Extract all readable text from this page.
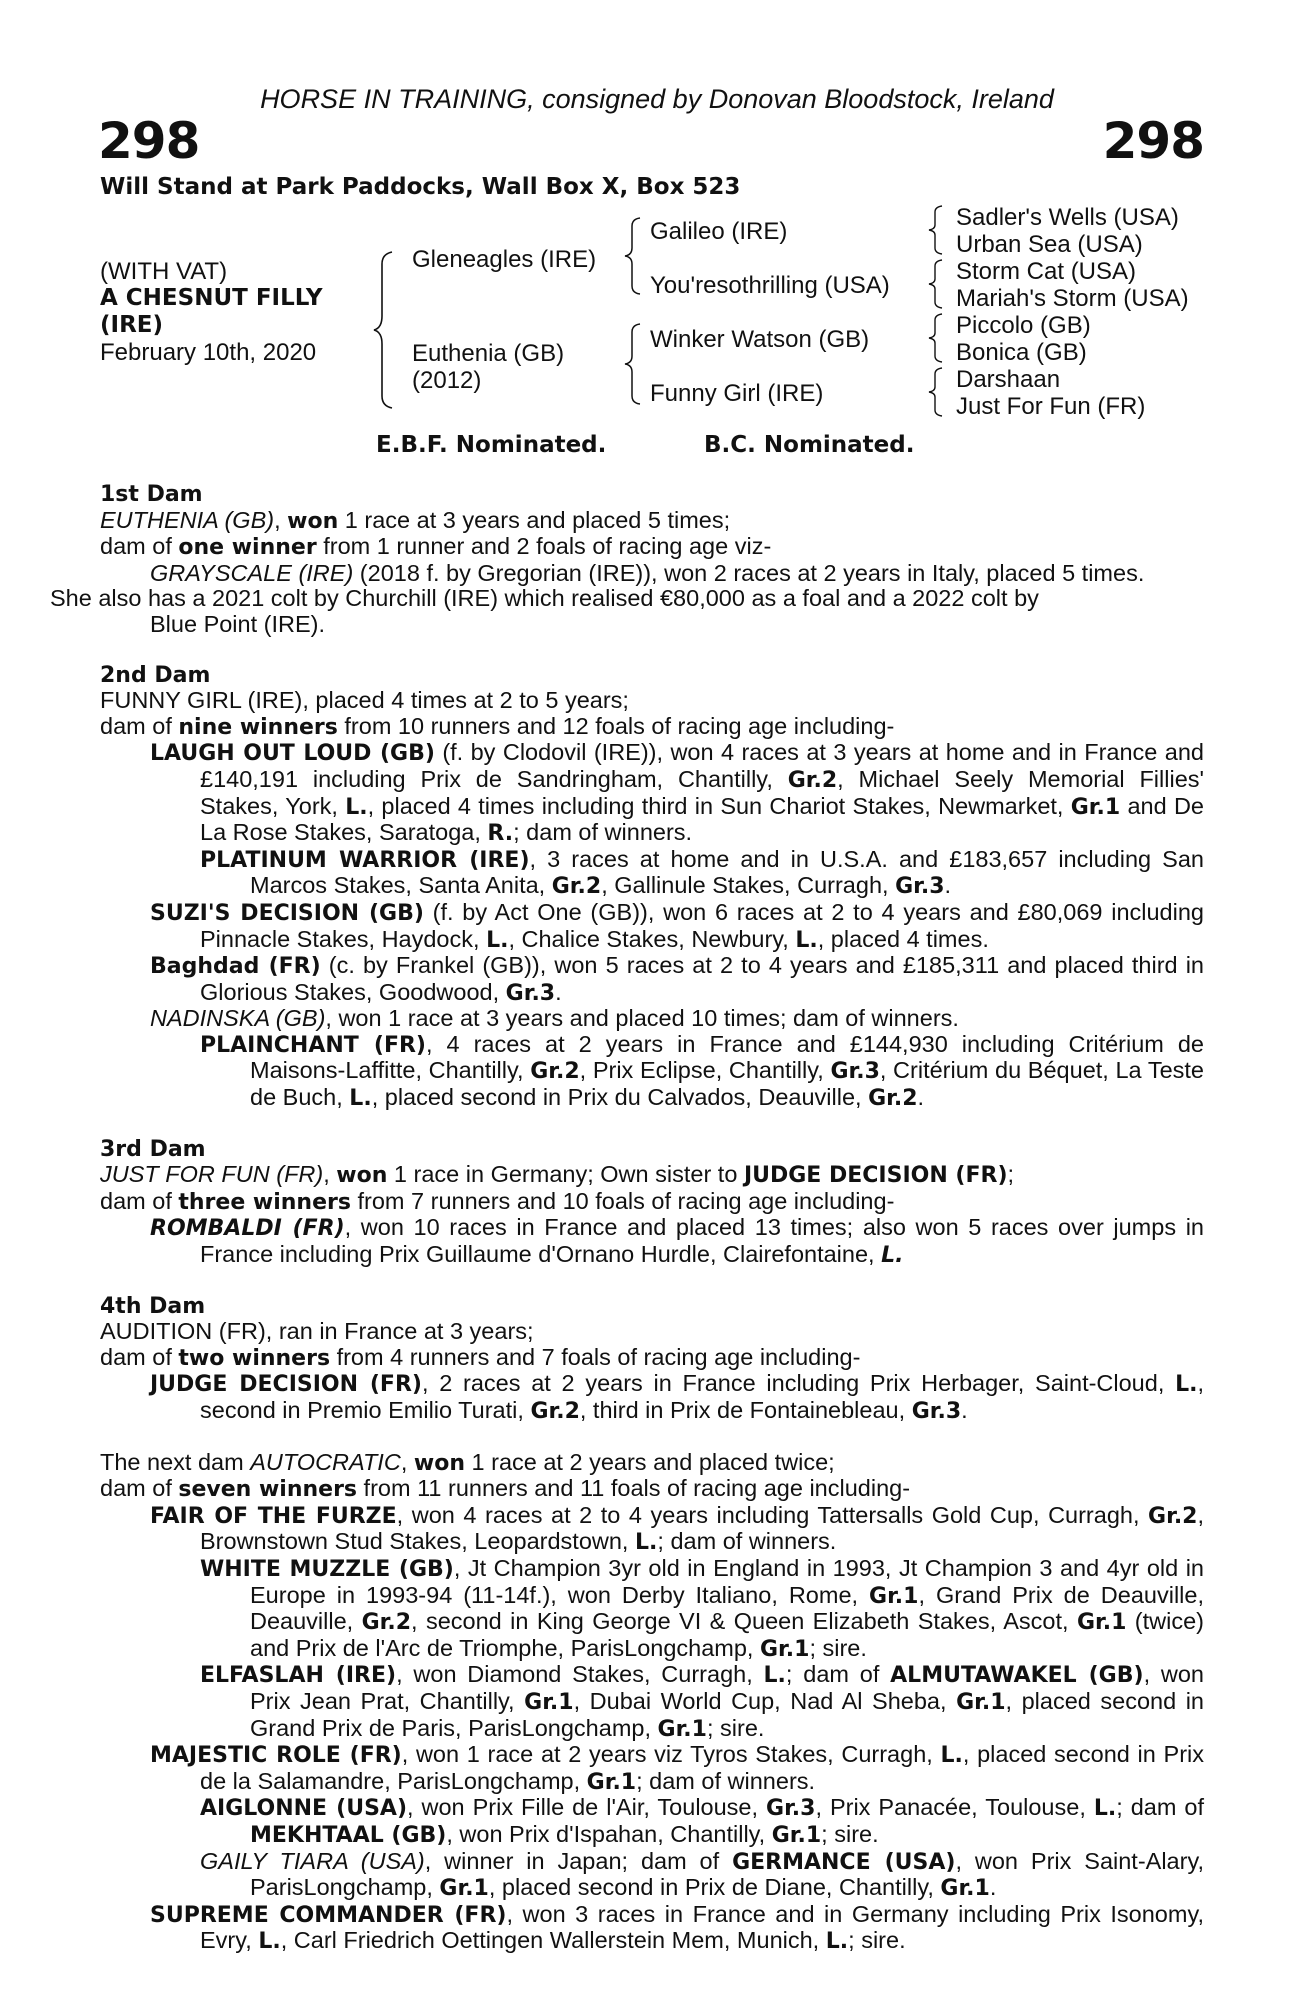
HORSE IN TRAINING, consigned by Donovan Bloodstock, Ireland
298	298
Will Stand at Park Paddocks, Wall Box X, Box 523
(WITH VAT)
A CHESNUT FILLY
(IRE)
February 10th, 2020
Gleneagles (IRE)
Euthenia (GB)
(2012)
Galileo (IRE)
You'resothrilling (USA)
Winker Watson (GB)
Funny Girl (IRE)
Sadler's Wells (USA)
Urban Sea (USA)
Storm Cat (USA)
Mariah's Storm (USA)
Piccolo (GB)
Bonica (GB)
Darshaan
Just For Fun (FR)
E.B.F. Nominated.	B.C. Nominated.
1st Dam
EUTHENIA (GB), won 1 race at 3 years and placed 5 times;
dam of one winner from 1 runner and 2 foals of racing age viz-
GRAYSCALE (IRE) (2018 f. by Gregorian (IRE)), won 2 races at 2 years in Italy, placed 5 times.
She also has a 2021 colt by Churchill (IRE) which realised €80,000 as a foal and a 2022 colt by
Blue Point (IRE).
2nd Dam
FUNNY GIRL (IRE), placed 4 times at 2 to 5 years;
dam of nine winners from 10 runners and 12 foals of racing age including-
LAUGH OUT LOUD (GB) (f. by Clodovil (IRE)), won 4 races at 3 years at home and in France and £140,191 including Prix de Sandringham, Chantilly, Gr.2, Michael Seely Memorial Fillies' Stakes, York, L., placed 4 times including third in Sun Chariot Stakes, Newmarket, Gr.1 and De La Rose Stakes, Saratoga, R.; dam of winners.
PLATINUM WARRIOR (IRE), 3 races at home and in U.S.A. and £183,657 including San Marcos Stakes, Santa Anita, Gr.2, Gallinule Stakes, Curragh, Gr.3.
SUZI'S DECISION (GB) (f. by Act One (GB)), won 6 races at 2 to 4 years and £80,069 including Pinnacle Stakes, Haydock, L., Chalice Stakes, Newbury, L., placed 4 times.
Baghdad (FR) (c. by Frankel (GB)), won 5 races at 2 to 4 years and £185,311 and placed third in Glorious Stakes, Goodwood, Gr.3.
NADINSKA (GB), won 1 race at 3 years and placed 10 times; dam of winners.
PLAINCHANT (FR), 4 races at 2 years in France and £144,930 including Critérium de Maisons-Laffitte, Chantilly, Gr.2, Prix Eclipse, Chantilly, Gr.3, Critérium du Béquet, La Teste de Buch, L., placed second in Prix du Calvados, Deauville, Gr.2.
3rd Dam
JUST FOR FUN (FR), won 1 race in Germany; Own sister to JUDGE DECISION (FR);
dam of three winners from 7 runners and 10 foals of racing age including-
ROMBALDI (FR), won 10 races in France and placed 13 times; also won 5 races over jumps in France including Prix Guillaume d'Ornano Hurdle, Clairefontaine, L.
4th Dam
AUDITION (FR), ran in France at 3 years;
dam of two winners from 4 runners and 7 foals of racing age including-
JUDGE DECISION (FR), 2 races at 2 years in France including Prix Herbager, Saint-Cloud, L., second in Premio Emilio Turati, Gr.2, third in Prix de Fontainebleau, Gr.3.
The next dam AUTOCRATIC, won 1 race at 2 years and placed twice;
dam of seven winners from 11 runners and 11 foals of racing age including-
FAIR OF THE FURZE, won 4 races at 2 to 4 years including Tattersalls Gold Cup, Curragh, Gr.2, Brownstown Stud Stakes, Leopardstown, L.; dam of winners.
WHITE MUZZLE (GB), Jt Champion 3yr old in England in 1993, Jt Champion 3 and 4yr old in Europe in 1993-94 (11-14f.), won Derby Italiano, Rome, Gr.1, Grand Prix de Deauville, Deauville, Gr.2, second in King George VI & Queen Elizabeth Stakes, Ascot, Gr.1 (twice) and Prix de l'Arc de Triomphe, ParisLongchamp, Gr.1; sire.
ELFASLAH (IRE), won Diamond Stakes, Curragh, L.; dam of ALMUTAWAKEL (GB), won Prix Jean Prat, Chantilly, Gr.1, Dubai World Cup, Nad Al Sheba, Gr.1, placed second in Grand Prix de Paris, ParisLongchamp, Gr.1; sire.
MAJESTIC ROLE (FR), won 1 race at 2 years viz Tyros Stakes, Curragh, L., placed second in Prix de la Salamandre, ParisLongchamp, Gr.1; dam of winners.
AIGLONNE (USA), won Prix Fille de l'Air, Toulouse, Gr.3, Prix Panacée, Toulouse, L.; dam of MEKHTAAL (GB), won Prix d'Ispahan, Chantilly, Gr.1; sire.
GAILY TIARA (USA), winner in Japan; dam of GERMANCE (USA), won Prix Saint-Alary, ParisLongchamp, Gr.1, placed second in Prix de Diane, Chantilly, Gr.1.
SUPREME COMMANDER (FR), won 3 races in France and in Germany including Prix Isonomy, Evry, L., Carl Friedrich Oettingen Wallerstein Mem, Munich, L.; sire.
